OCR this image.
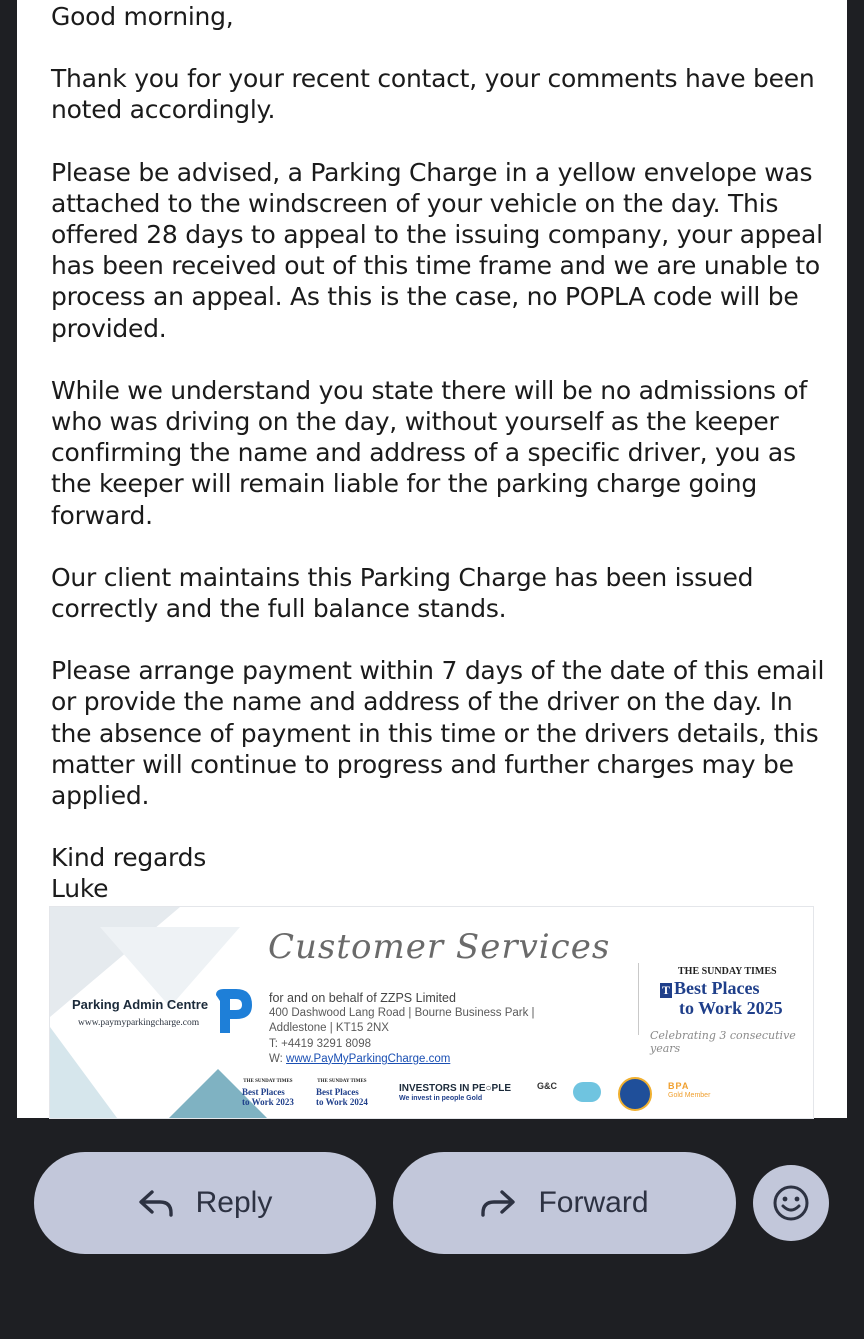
Good morning,

Thank you for your recent contact, your comments have been noted accordingly.

Please be advised, a Parking Charge in a yellow envelope was attached to the windscreen of your vehicle on the day. This offered 28 days to appeal to the issuing company, your appeal has been received out of this time frame and we are unable to process an appeal. As this is the case, no POPLA code will be provided.

While we understand you state there will be no admissions of who was driving on the day, without yourself as the keeper confirming the name and address of a specific driver, you as the keeper will remain liable for the parking charge going forward.

Our client maintains this Parking Charge has been issued correctly and the full balance stands.

Please arrange payment within 7 days of the date of this email or provide the name and address of the driver on the day. In the absence of payment in this time or the drivers details, this matter will continue to progress and further charges may be applied.

Kind regards
Luke

Parking Admin Centre
www.paymyparkingcharge.com
Customer Services
for and on behalf of ZZPS Limited
400 Dashwood Lang Road | Bourne Business Park |
Addlestone | KT15 2NX
T: +4419 3291 8098
W: www.PayMyParkingCharge.com
THE SUNDAY TIMES
T Best Places
to Work 2025
Celebrating 3 consecutive years
THE SUNDAY TIMES
Best Places
to Work 2023
THE SUNDAY TIMES
Best Places
to Work 2024
INVESTORS IN PE○PLE
We invest in people Gold
G&C	BPA
Gold Member
Reply	Forward
